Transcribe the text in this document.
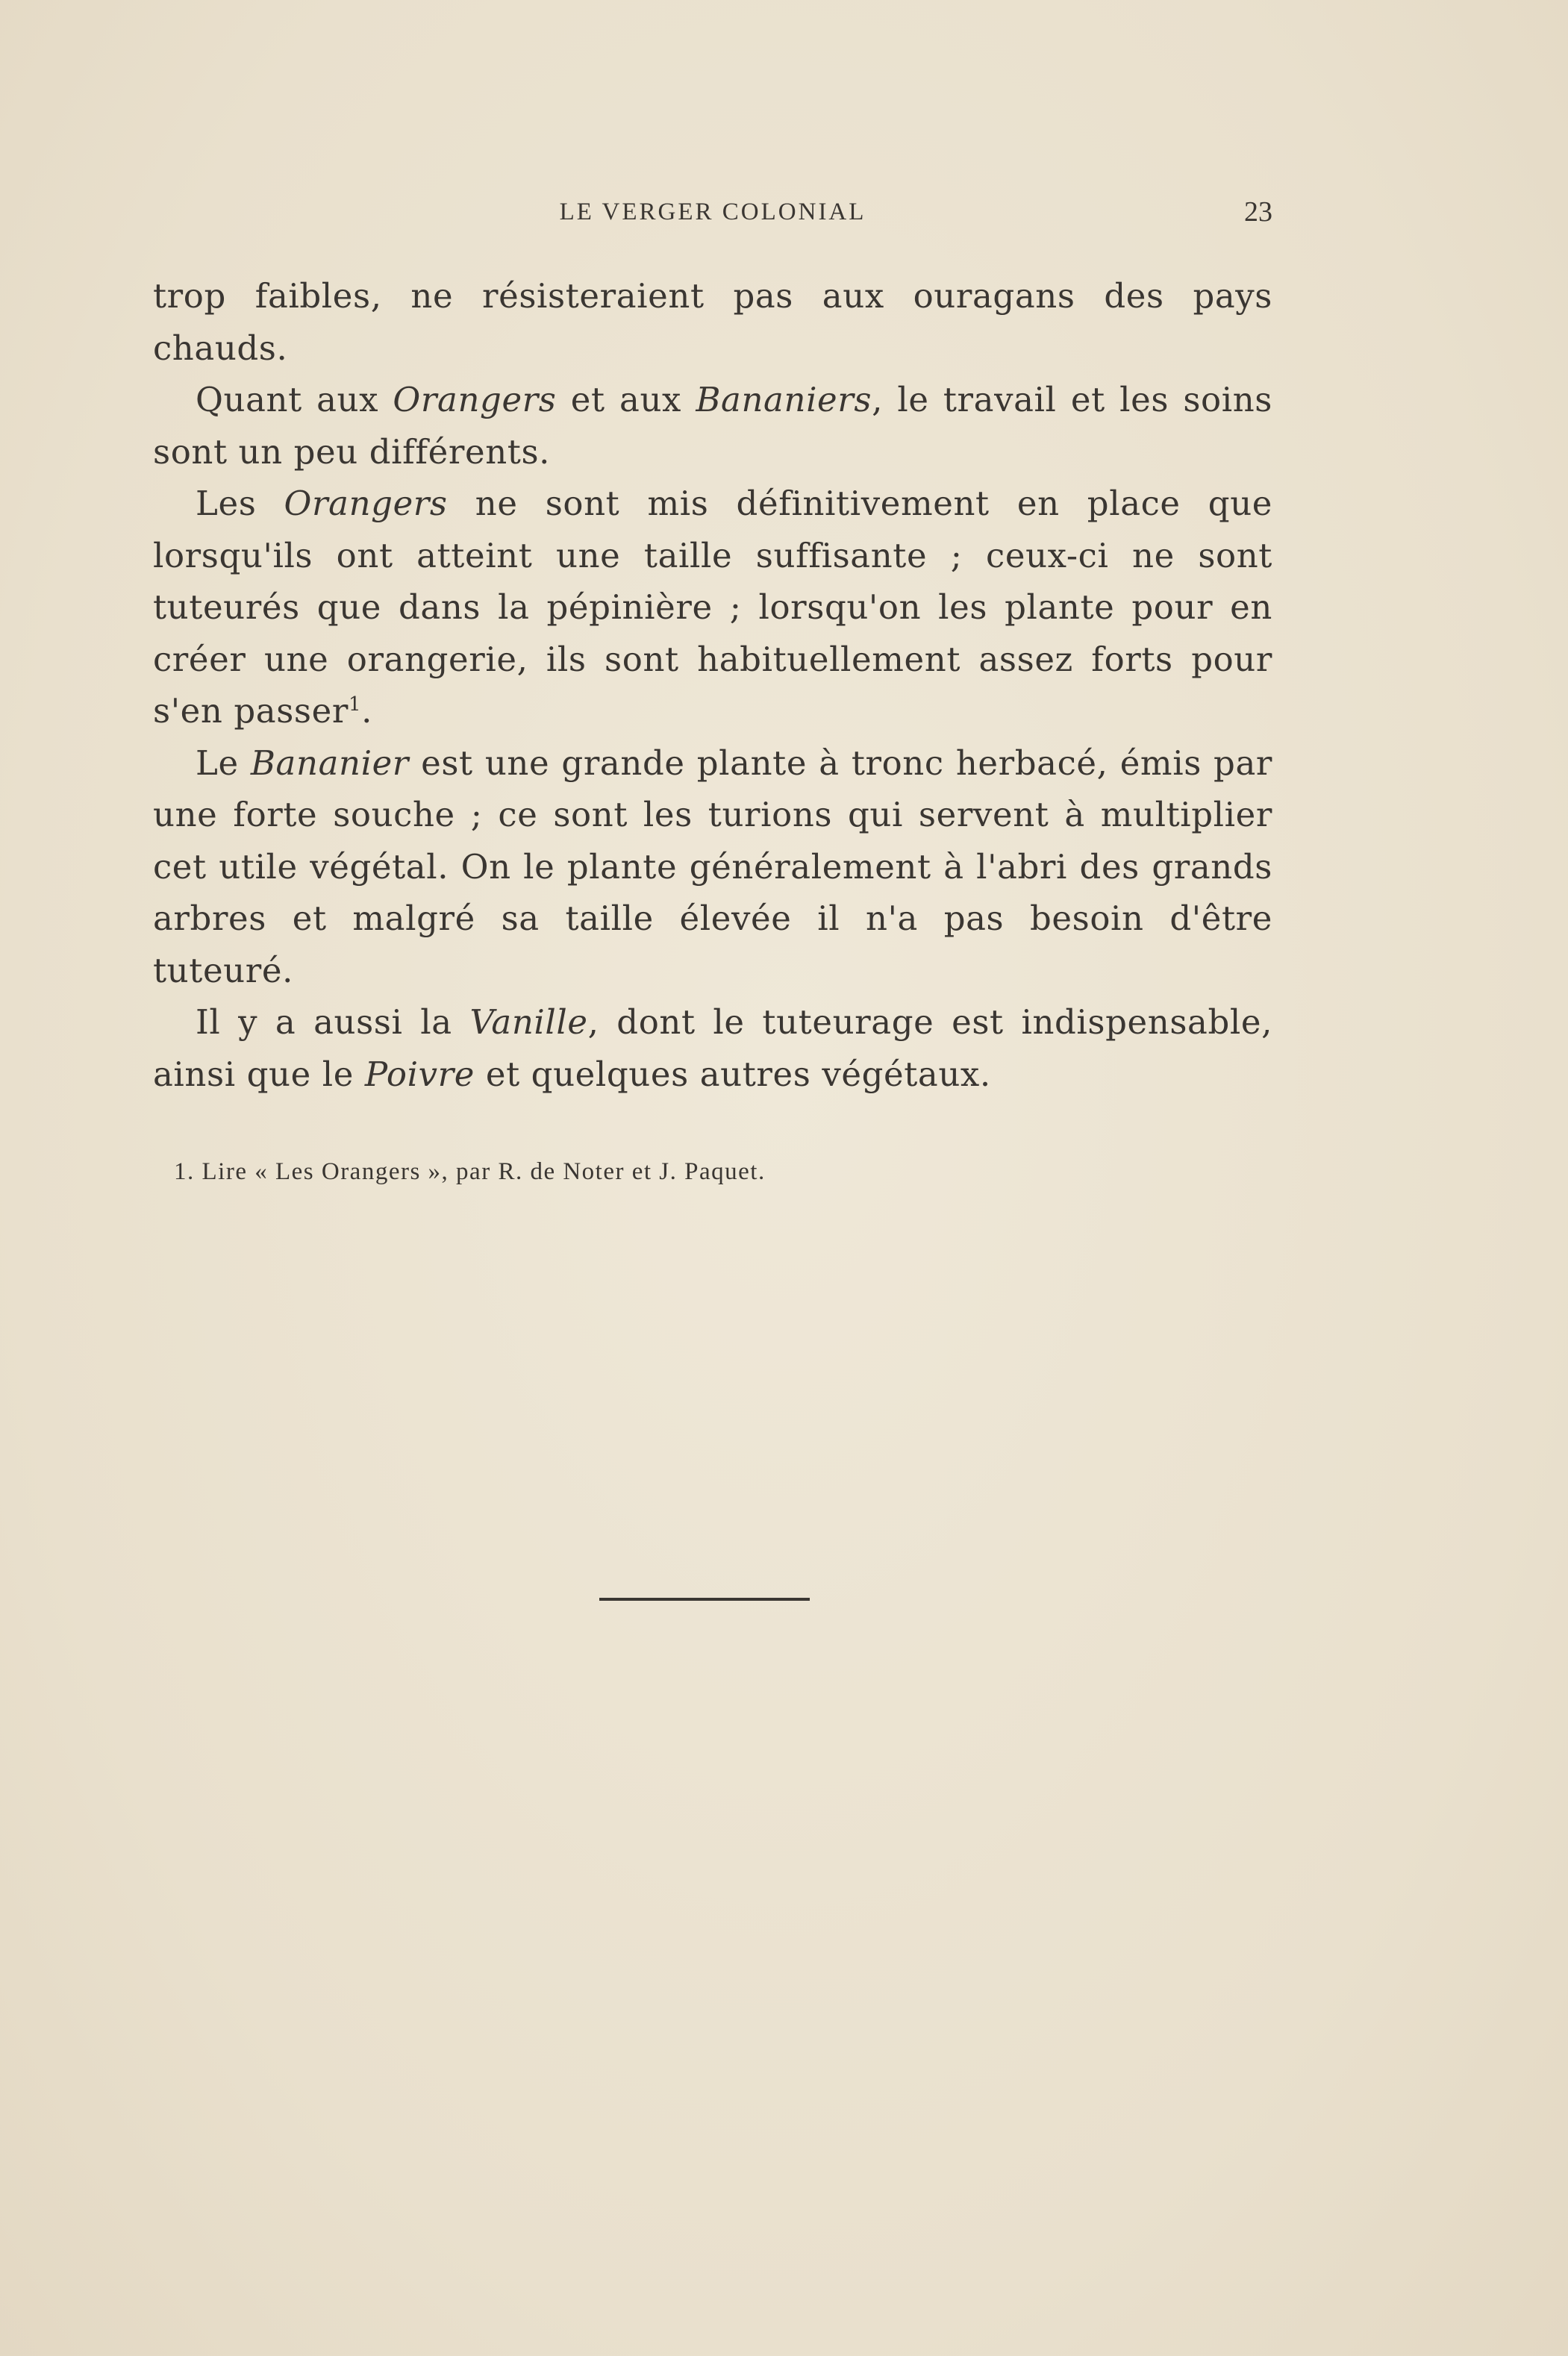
LE VERGER COLONIAL	23

trop faibles, ne résisteraient pas aux ouragans des pays chauds.

Quant aux Orangers et aux Bananiers, le travail et les soins sont un peu différents.

Les Orangers ne sont mis définitivement en place que lorsqu'ils ont atteint une taille suffisante ; ceux-ci ne sont tuteurés que dans la pépinière ; lorsqu'on les plante pour en créer une orangerie, ils sont habituellement assez forts pour s'en passer$^1$.

Le Bananier est une grande plante à tronc herbacé, émis par une forte souche ; ce sont les turions qui servent à multiplier cet utile végétal. On le plante généralement à l'abri des grands arbres et malgré sa taille élevée il n'a pas besoin d'être tuteuré.

Il y a aussi la Vanille, dont le tuteurage est indispensable, ainsi que le Poivre et quelques autres végétaux.

1. Lire « Les Orangers », par R. de Noter et J. Paquet.
